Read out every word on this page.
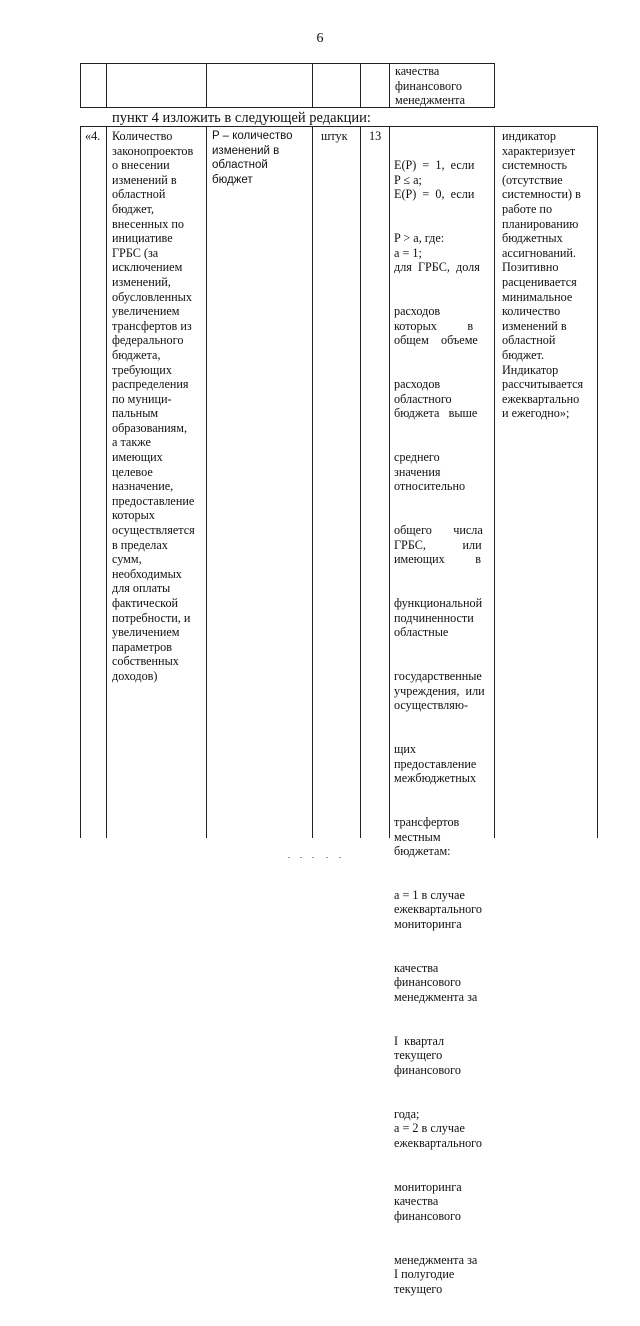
6
качества
финансового
менеджмента
пункт 4 изложить в следующей редакции:
«4. Количество
законопроектов
о внесении
изменений в
областной
бюджет,
внесенных по
инициативе
ГРБС (за
исключением
изменений,
обусловленных
увеличением
трансфертов из
федерального
бюджета,
требующих
распределения
по муници-
пальным
образованиям,
а также
имеющих
целевое
назначение,
предоставление
которых
осуществляется
в пределах
сумм,
необходимых
для оплаты
фактической
потребности, и
увеличением
параметров
собственных
доходов)
P – количество
изменений в
областной
бюджет
штук 13

E(P)  =  1,  если
P ≤ a;
E(P)  =  0,  если

P > a, где:
a = 1;
для  ГРБС,  доля

расходов
которых          в
общем    объеме

расходов
областного
бюджета   выше

среднего
значения
относительно

общего       числа
ГРБС,            или
имеющих          в

функциональной
подчиненности
областные

государственные
учреждения,  или
осуществляю-

щих
предоставление
межбюджетных

трансфертов
местным
бюджетам:

a = 1 в случае
ежеквартального
мониторинга

качества
финансового
менеджмента за

I  квартал
текущего
финансового

года;
a = 2 в случае
ежеквартального

мониторинга
качества
финансового

менеджмента за
I полугодие
текущего

индикатор
характеризует
системность
(отсутствие
системности) в
работе по
планированию
бюджетных
ассигнований.
Позитивно
расценивается
минимальное
количество
изменений в
областной
бюджет.
Индикатор
рассчитывается
ежеквартально
и ежегодно»;
